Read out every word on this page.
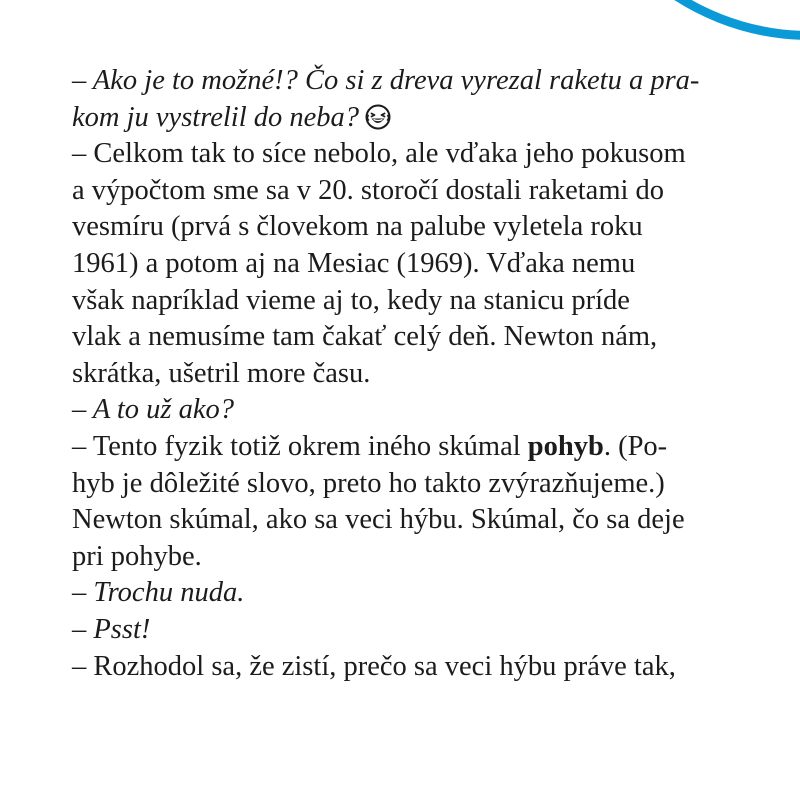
– Ako je to možné!? Čo si z dreva vyrezal raketu a pra-
kom ju vystrelil do neba?
– Celkom tak to síce nebolo, ale vďaka jeho pokusom
a výpočtom sme sa v 20. storočí dostali raketami do
vesmíru (prvá s človekom na palube vyletela roku
1961) a potom aj na Mesiac (1969). Vďaka nemu
však napríklad vieme aj to, kedy na stanicu príde
vlak a nemusíme tam čakať celý deň. Newton nám,
skrátka, ušetril more času.
– A to už ako?
– Tento fyzik totiž okrem iného skúmal pohyb. (Po-
hyb je dôležité slovo, preto ho takto zvýrazňujeme.)
Newton skúmal, ako sa veci hýbu. Skúmal, čo sa deje
pri pohybe.
– Trochu nuda.
– Psst!
– Rozhodol sa, že zistí, prečo sa veci hýbu práve tak,
